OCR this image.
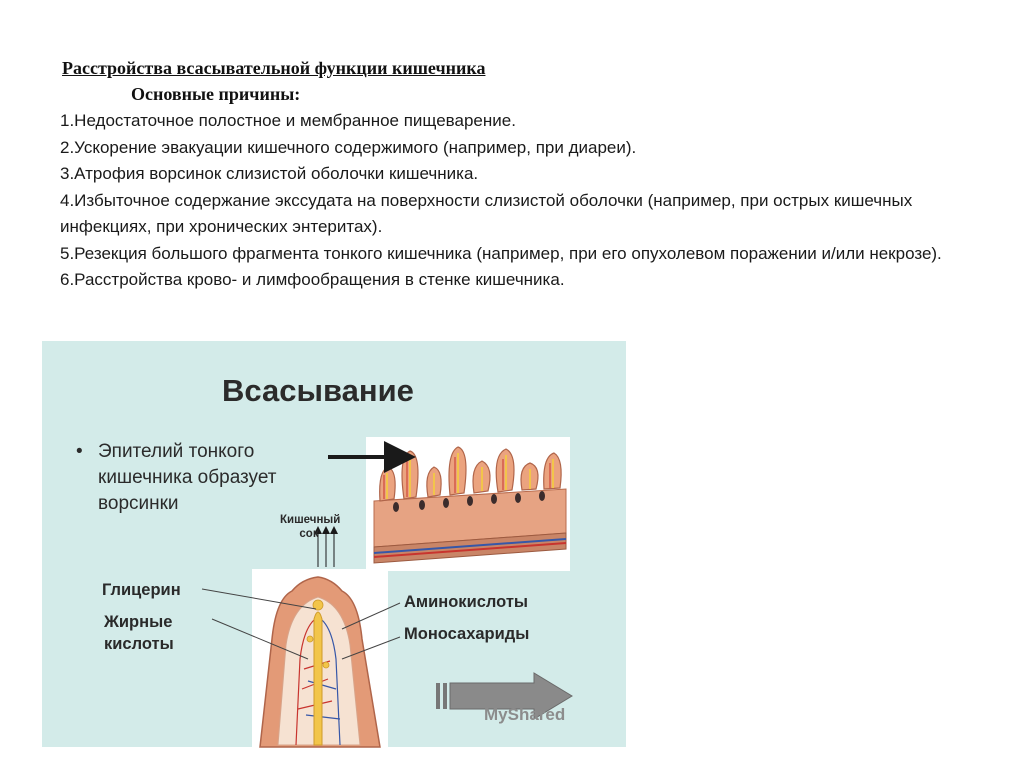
Расстройства всасывательной функции кишечника
Основные причины:
1.Недостаточное полостное и мембранное пищеварение.
2.Ускорение эвакуации кишечного содержимого (например, при диареи).
3.Атрофия ворсинок слизистой оболочки кишечника.
4.Избыточное содержание экссудата на поверхности слизистой оболочки (например, при острых кишечных инфекциях, при хронических энтеритах).
5.Резекция большого фрагмента тонкого кишечника (например, при его опухолевом поражении и/или некрозе).
6.Расстройства крово- и лимфообращения в стенке кишечника.
Всасывание
• Эпителий тонкого кишечника образует ворсинки
Глицерин
Жирные кислоты
Аминокислоты
Моносахариды
Кишечный сок
MyShared
